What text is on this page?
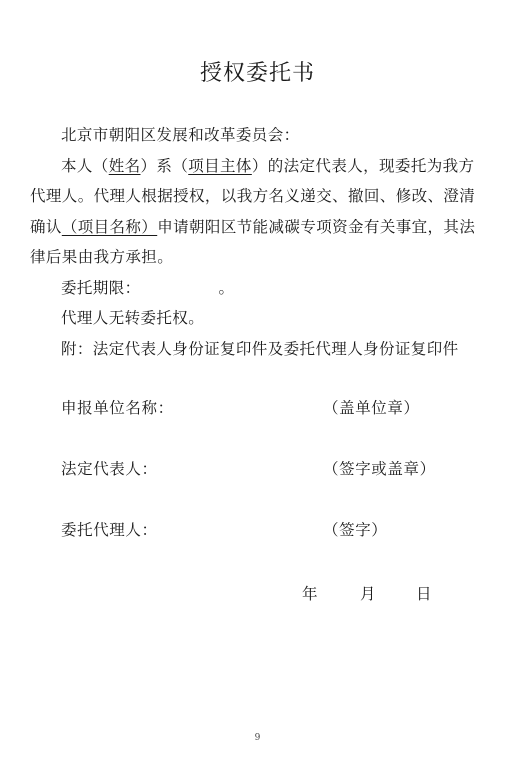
授权委托书
北京市朝阳区发展和改革委员会：
本人（姓名）系（项目主体）的法定代表人，现委托为我方
代理人。代理人根据授权，以我方名义递交、撤回、修改、澄清
确认（项目名称）申请朝阳区节能减碳专项资金有关事宜，其法
律后果由我方承担。
委托期限：	。
代理人无转委托权。
附：法定代表人身份证复印件及委托代理人身份证复印件
申报单位名称：	（盖单位章）
法定代表人：	（签字或盖章）
委托代理人：	（签字）
年	月	日
9
